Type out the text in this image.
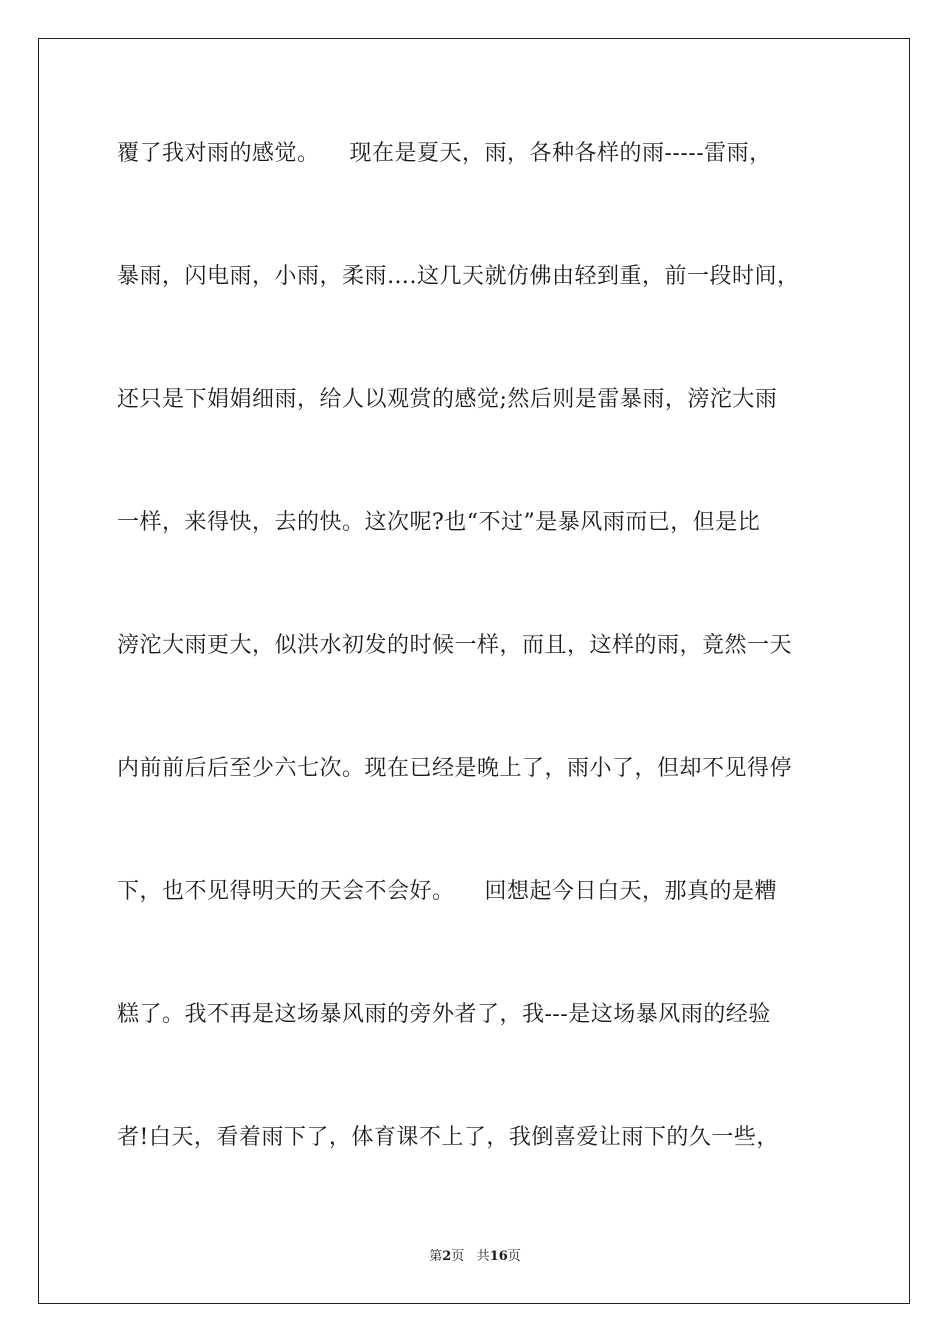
覆了我对雨的感觉。    现在是夏天，雨，各种各样的雨-----雷雨，
暴雨，闪电雨，小雨，柔雨….这几天就仿佛由轻到重，前一段时间，
还只是下娟娟细雨，给人以观赏的感觉;然后则是雷暴雨，滂沱大雨
一样，来得快，去的快。这次呢?也“不过”是暴风雨而已，但是比
滂沱大雨更大，似洪水初发的时候一样，而且，这样的雨，竟然一天
内前前后后至少六七次。现在已经是晚上了，雨小了，但却不见得停
下，也不见得明天的天会不会好。    回想起今日白天，那真的是糟
糕了。我不再是这场暴风雨的旁外者了，我---是这场暴风雨的经验
者!白天，看着雨下了，体育课不上了，我倒喜爱让雨下的久一些，
第2页 共16页
